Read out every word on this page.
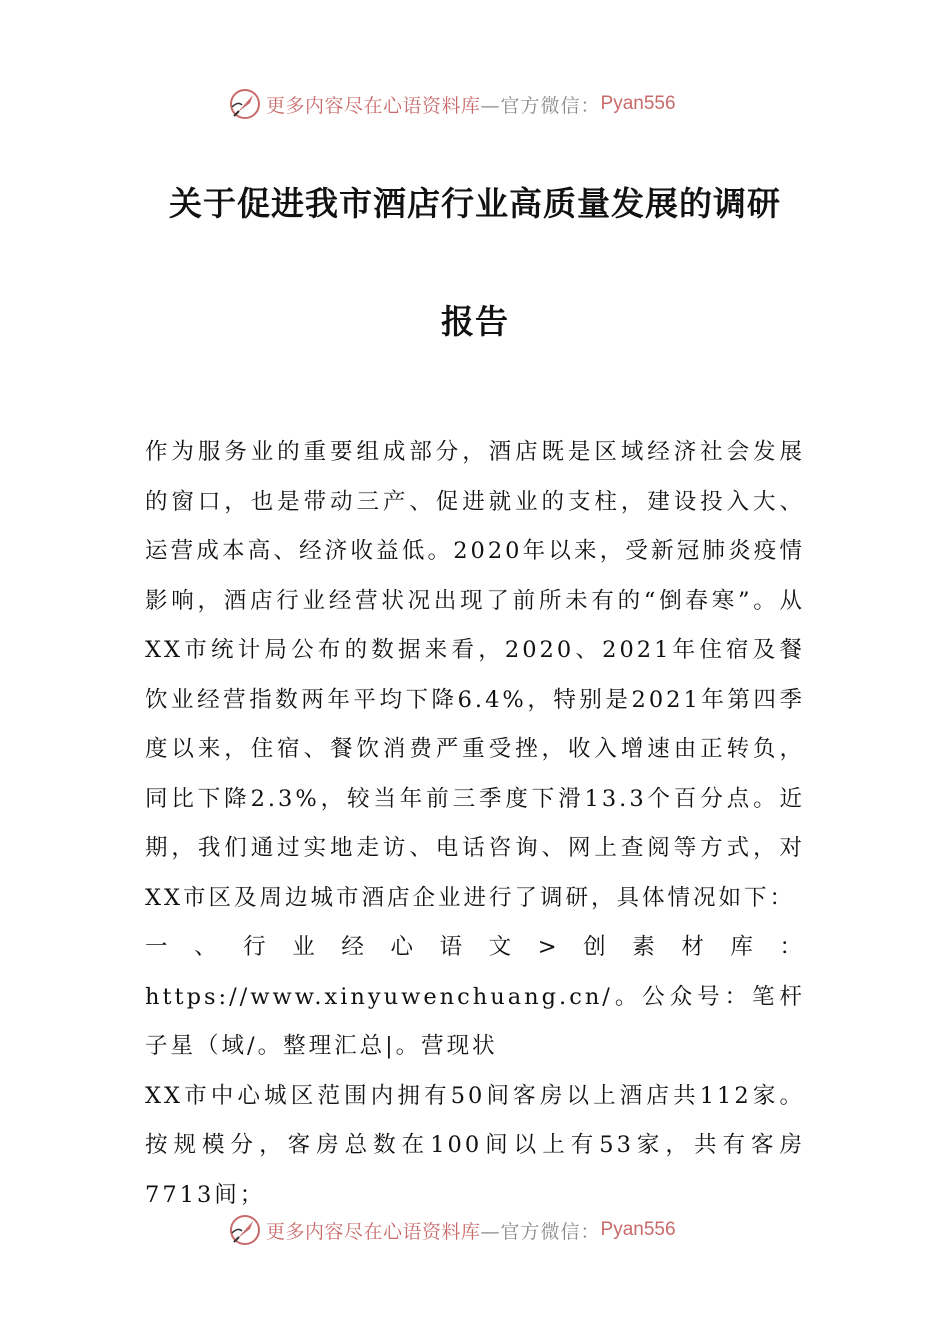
更多内容尽在心语资料库 —官方微信： Pyan556
关于促进我市酒店行业高质量发展的调研
报告

作为服务业的重要组成部分，酒店既是区域经济社会发展的窗口，也是带动三产、促进就业的支柱，建设投入大、运营成本高、经济收益低。2020年以来，受新冠肺炎疫情影响，酒店行业经营状况出现了前所未有的“倒春寒”。从XX市统计局公布的数据来看，2020、2021年住宿及餐饮业经营指数两年平均下降6.4%，特别是2021年第四季度以来，住宿、餐饮消费严重受挫，收入增速由正转负，同比下降2.3%，较当年前三季度下滑13.3个百分点。近期，我们通过实地走访、电话咨询、网上查阅等方式，对XX市区及周边城市酒店企业进行了调研，具体情况如下：

一、行业经心语文>创素材库：https://www.xinyuwenchuang.cn/。公众号：笔杆子星（域/。整理汇总|。营现状

XX市中心城区范围内拥有50间客房以上酒店共112家。按规模分，客房总数在100间以上有53家，共有客房7713间；

更多内容尽在心语资料库 —官方微信： Pyan556
